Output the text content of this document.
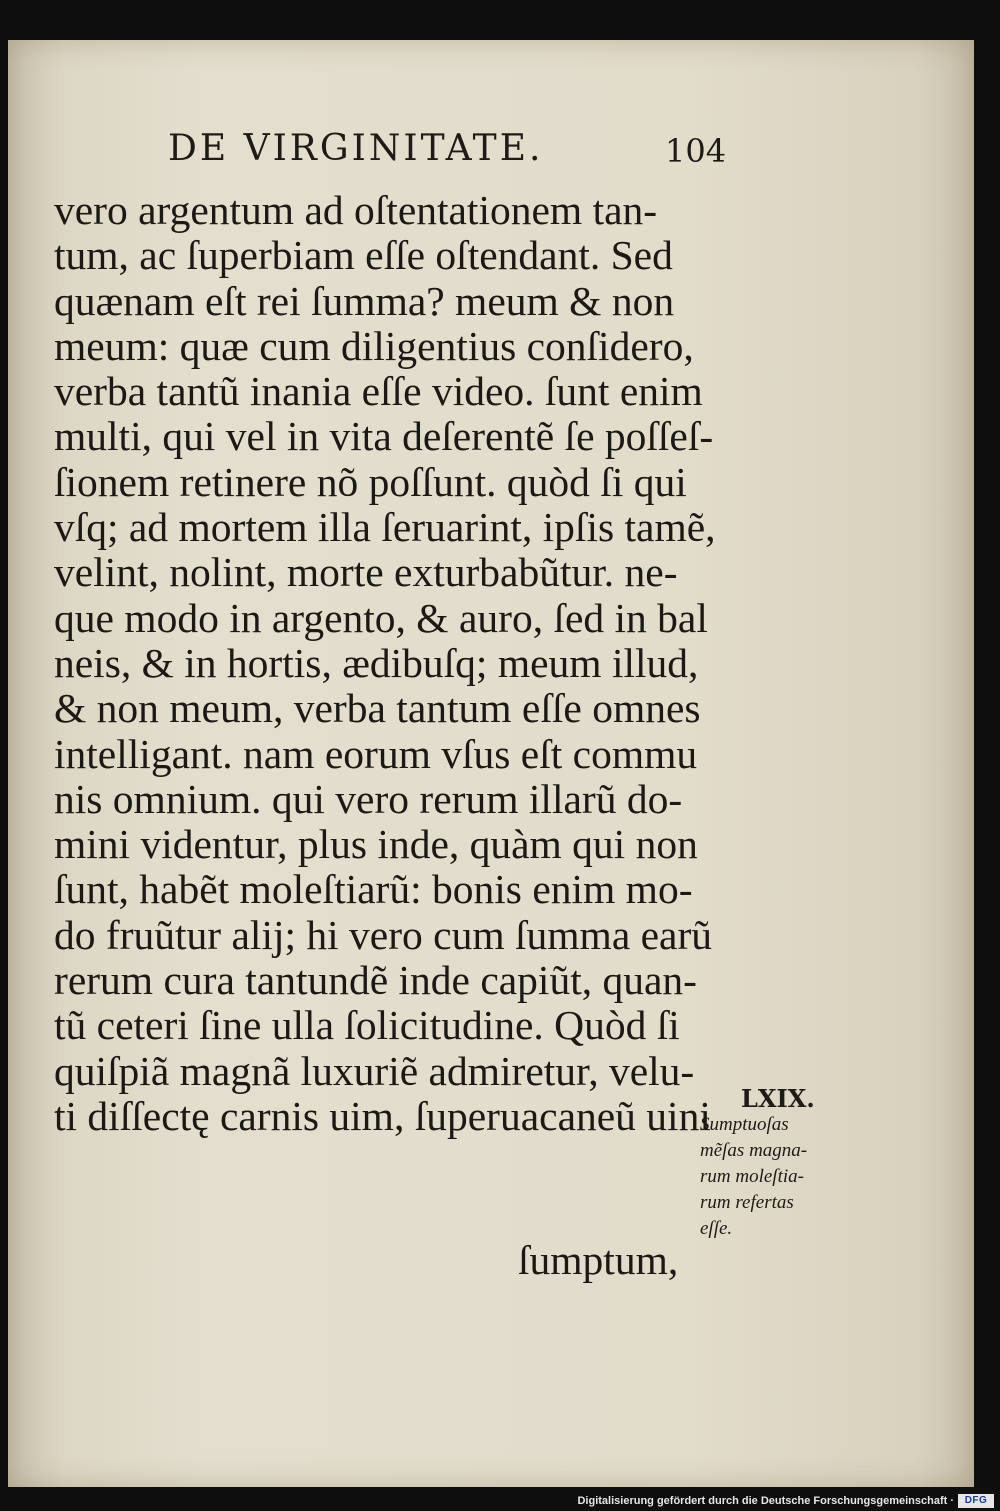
DE VIRGINITATE.	104
vero argentum ad oſtentationem tan-
tum, ac ſuperbiam eſſe oſtendant. Sed
quænam eſt rei ſumma? meum & non
meum: quæ cum diligentius conſidero,
verba tantũ inania eſſe video. ſunt enim
multi, qui vel in vita deſerentẽ ſe poſſeſ-
ſionem retinere nõ poſſunt. quòd ſi qui
vſq; ad mortem illa ſeruarint, ipſis tamẽ,
velint, nolint, morte exturbabũtur. ne-
que modo in argento, & auro, ſed in bal
neis, & in hortis, ædibuſq; meum illud,
& non meum, verba tantum eſſe omnes
intelligant. nam eorum vſus eſt commu
nis omnium. qui vero rerum illarũ do-
mini videntur, plus inde, quàm qui non
ſunt, habẽt moleſtiarũ: bonis enim mo-
do fruũtur alij; hi vero cum ſumma earũ
rerum cura tantundẽ inde capiũt, quan-
tũ ceteri ſine ulla ſolicitudine. Quòd ſi
quiſpiã magnã luxuriẽ admiretur, velu-
ti diſſectę carnis uim, ſuperuacaneũ uini
ſumptum,
LXIX.
Sumptuoſas
mẽſas magna-
rum moleſtia-
rum refertas
eſſe.
Digitalisierung gefördert durch die Deutsche Forschungsgemeinschaft ·	DFG
